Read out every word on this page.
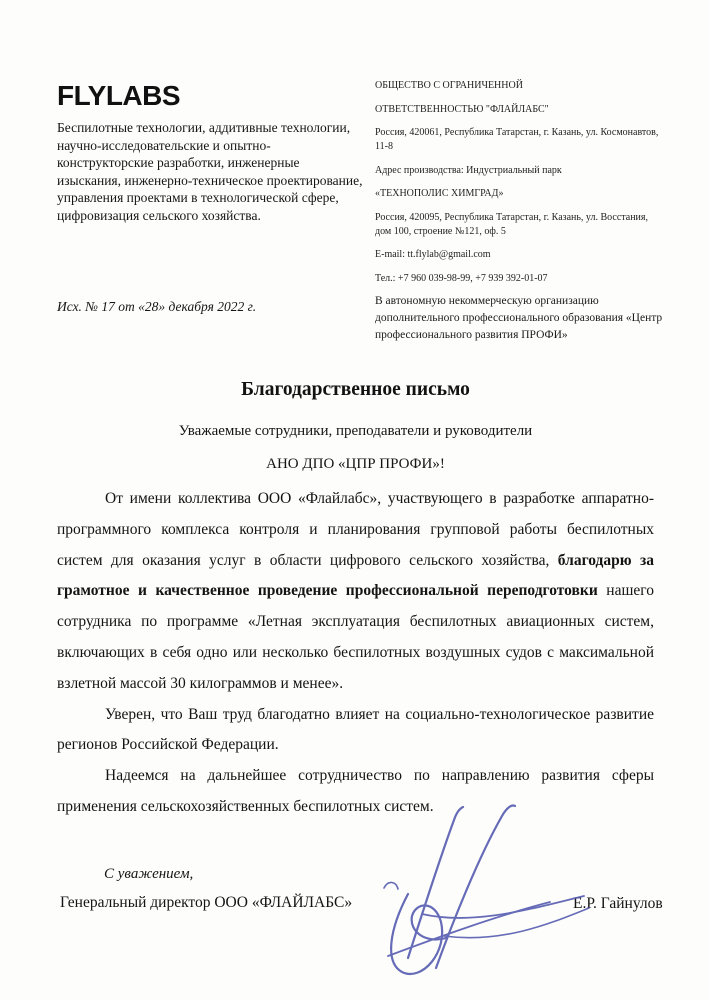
FLYLABS
Беспилотные технологии, аддитивные технологии, научно-исследовательские и опытно-конструкторские разработки, инженерные изыскания, инженерно-техническое проектирование, управления проектами в технологической сфере, цифровизация сельского хозяйства.
Исх. № 17 от «28» декабря 2022 г.

ОБЩЕСТВО С ОГРАНИЧЕННОЙ

ОТВЕТСТВЕННОСТЬЮ "ФЛАЙЛАБС"

Россия, 420061, Республика Татарстан, г. Казань, ул. Космонавтов, 11-8

Адрес производства: Индустриальный парк

«ТЕХНОПОЛИС ХИМГРАД»

Россия, 420095, Республика Татарстан, г. Казань, ул. Восстания, дом 100, строение №121, оф. 5

E-mail: tt.flylab@gmail.com

Тел.: +7 960 039-98-99, +7 939 392-01-07

В автономную некоммерческую организацию дополнительного профессионального образования «Центр профессионального развития ПРОФИ»
Благодарственное письмо

Уважаемые сотрудники, преподаватели и руководители

АНО ДПО «ЦПР ПРОФИ»!

От имени коллектива ООО «Флайлабс», участвующего в разработке аппаратно-программного комплекса контроля и планирования групповой работы беспилотных систем для оказания услуг в области цифрового сельского хозяйства, благодарю за грамотное и качественное проведение профессиональной переподготовки нашего сотрудника по программе «Летная эксплуатация беспилотных авиационных систем, включающих в себя одно или несколько беспилотных воздушных судов с максимальной взлетной массой 30 килограммов и менее».

Уверен, что Ваш труд благодатно влияет на социально-технологическое развитие регионов Российской Федерации.

Надеемся на дальнейшее сотрудничество по направлению развития сферы применения сельскохозяйственных беспилотных систем.

С уважением,
Генеральный директор ООО «ФЛАЙЛАБС»	Е.Р. Гайнулов
